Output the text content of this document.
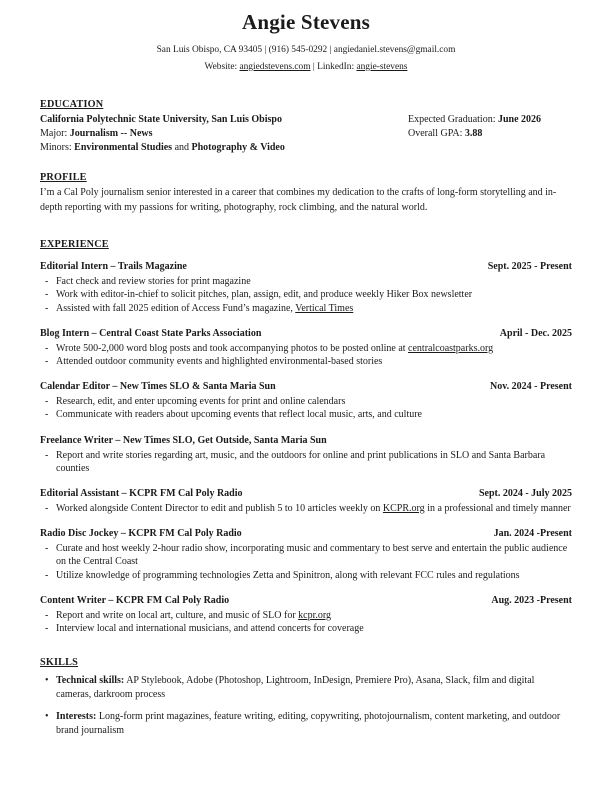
Angie Stevens
San Luis Obispo, CA 93405 | (916) 545-0292 | angiedaniel.stevens@gmail.com
Website: angiedstevens.com | LinkedIn: angie-stevens
EDUCATION
California Polytechnic State University, San Luis Obispo	Expected Graduation: June 2026
Major: Journalism -- News	Overall GPA: 3.88
Minors: Environmental Studies and Photography & Video
PROFILE

I’m a Cal Poly journalism senior interested in a career that combines my dedication to the crafts of long-form storytelling and in-depth reporting with my passions for writing, photography, rock climbing, and the natural world.

EXPERIENCE
Editorial Intern – Trails Magazine	Sept. 2025 - Present
- Fact check and review stories for print magazine
- Work with editor-in-chief to solicit pitches, plan, assign, edit, and produce weekly Hiker Box newsletter
- Assisted with fall 2025 edition of Access Fund’s magazine, Vertical Times
Blog Intern – Central Coast State Parks Association	April - Dec. 2025
- Wrote 500-2,000 word blog posts and took accompanying photos to be posted online at centralcoastparks.org
- Attended outdoor community events and highlighted environmental-based stories
Calendar Editor – New Times SLO & Santa Maria Sun	Nov. 2024 - Present
- Research, edit, and enter upcoming events for print and online calendars
- Communicate with readers about upcoming events that reflect local music, arts, and culture
Freelance Writer – New Times SLO, Get Outside, Santa Maria Sun
- Report and write stories regarding art, music, and the outdoors for online and print publications in SLO and Santa Barbara counties
Editorial Assistant – KCPR FM Cal Poly Radio	Sept. 2024 - July 2025
- Worked alongside Content Director to edit and publish 5 to 10 articles weekly on KCPR.org in a professional and timely manner
Radio Disc Jockey – KCPR FM Cal Poly Radio	Jan. 2024 -Present
- Curate and host weekly 2-hour radio show, incorporating music and commentary to best serve and entertain the public audience on the Central Coast
- Utilize knowledge of programming technologies Zetta and Spinitron, along with relevant FCC rules and regulations
Content Writer – KCPR FM Cal Poly Radio	Aug. 2023 -Present
- Report and write on local art, culture, and music of SLO for kcpr.org
- Interview local and international musicians, and attend concerts for coverage
SKILLS
• Technical skills: AP Stylebook, Adobe (Photoshop, Lightroom, InDesign, Premiere Pro), Asana, Slack, film and digital cameras, darkroom process
• Interests: Long-form print magazines, feature writing, editing, copywriting, photojournalism, content marketing, and outdoor brand journalism
